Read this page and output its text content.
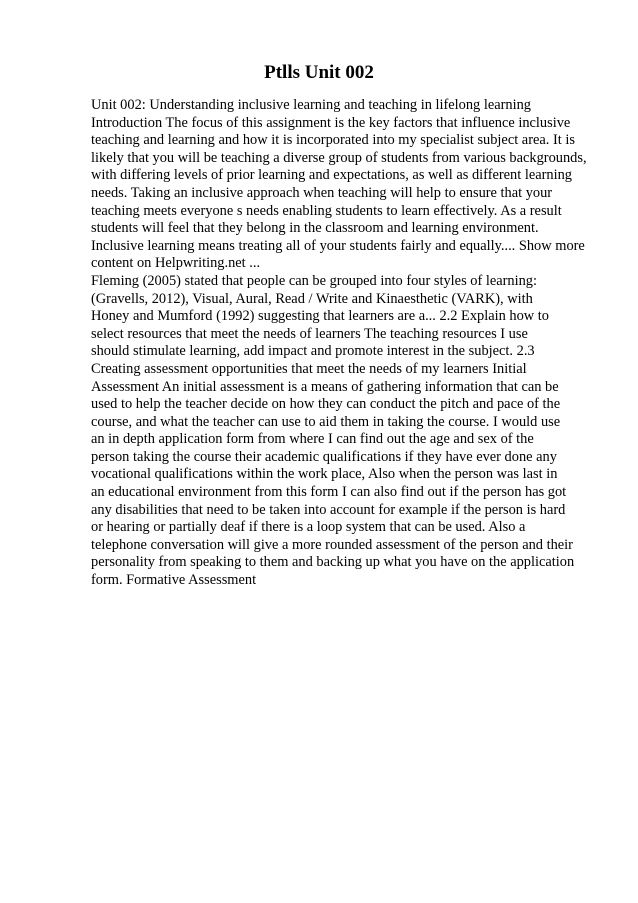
Ptlls Unit 002
Unit 002: Understanding inclusive learning and teaching in lifelong learning
Introduction The focus of this assignment is the key factors that influence inclusive
teaching and learning and how it is incorporated into my specialist subject area. It is
likely that you will be teaching a diverse group of students from various backgrounds,
with differing levels of prior learning and expectations, as well as different learning
needs. Taking an inclusive approach when teaching will help to ensure that your
teaching meets everyone s needs enabling students to learn effectively. As a result
students will feel that they belong in the classroom and learning environment.
Inclusive learning means treating all of your students fairly and equally.... Show more
content on Helpwriting.net ...
Fleming (2005) stated that people can be grouped into four styles of learning:
(Gravells, 2012), Visual, Aural, Read / Write and Kinaesthetic (VARK), with
Honey and Mumford (1992) suggesting that learners are a... 2.2 Explain how to
select resources that meet the needs of learners The teaching resources I use
should stimulate learning, add impact and promote interest in the subject. 2.3
Creating assessment opportunities that meet the needs of my learners Initial
Assessment An initial assessment is a means of gathering information that can be
used to help the teacher decide on how they can conduct the pitch and pace of the
course, and what the teacher can use to aid them in taking the course. I would use
an in depth application form from where I can find out the age and sex of the
person taking the course their academic qualifications if they have ever done any
vocational qualifications within the work place, Also when the person was last in
an educational environment from this form I can also find out if the person has got
any disabilities that need to be taken into account for example if the person is hard
or hearing or partially deaf if there is a loop system that can be used. Also a
telephone conversation will give a more rounded assessment of the person and their
personality from speaking to them and backing up what you have on the application
form. Formative Assessment
